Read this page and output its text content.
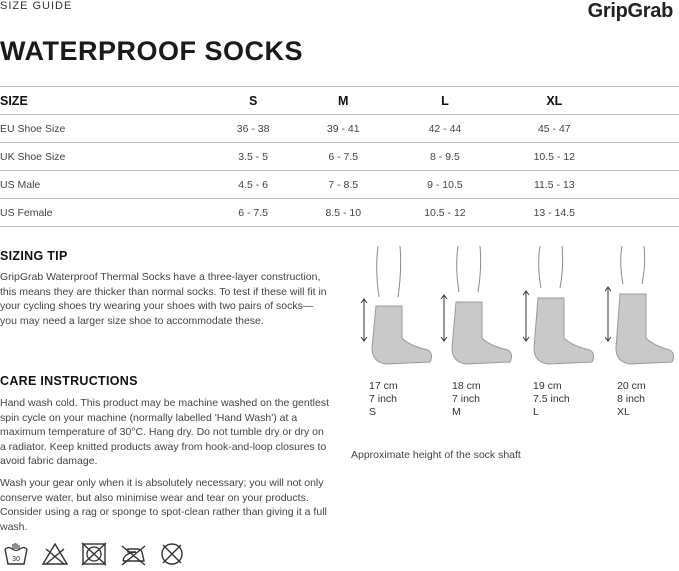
SIZE GUIDE	GripGrab
WATERPROOF SOCKS
SIZE	S	M	L	XL	
EU Shoe Size	36 - 38	39 - 41	42 - 44	45 - 47	
UK Shoe Size	3.5 - 5	6 - 7.5	8 - 9.5	10.5 - 12	
US Male	4.5 - 6	7 - 8.5	9 - 10.5	11.5 - 13	
US Female	6 - 7.5	8.5 - 10	10.5 - 12	13 - 14.5	
SIZING TIP
GripGrab Waterproof Thermal Socks have a three-layer construction, this means they are thicker than normal socks. To test if these will fit in your cycling shoes try wearing your shoes with two pairs of socks—you may need a larger size shoe to accommodate these.
CARE INSTRUCTIONS
Hand wash cold. This product may be machine washed on the gentlest spin cycle on your machine (normally labelled 'Hand Wash') at a maximum temperature of 30°C. Hang dry. Do not tumble dry or dry on a radiator. Keep knitted products away from hook-and-loop closures to avoid fabric damage.
Wash your gear only when it is absolutely necessary; you will not only conserve water, but also minimise wear and tear on your products. Consider using a rag or sponge to spot-clean rather than giving it a full wash.
30
17 cm
7 inch
S
18 cm
7 inch
M
19 cm
7.5 inch
L
20 cm
8 inch
XL
Approximate height of the sock shaft
